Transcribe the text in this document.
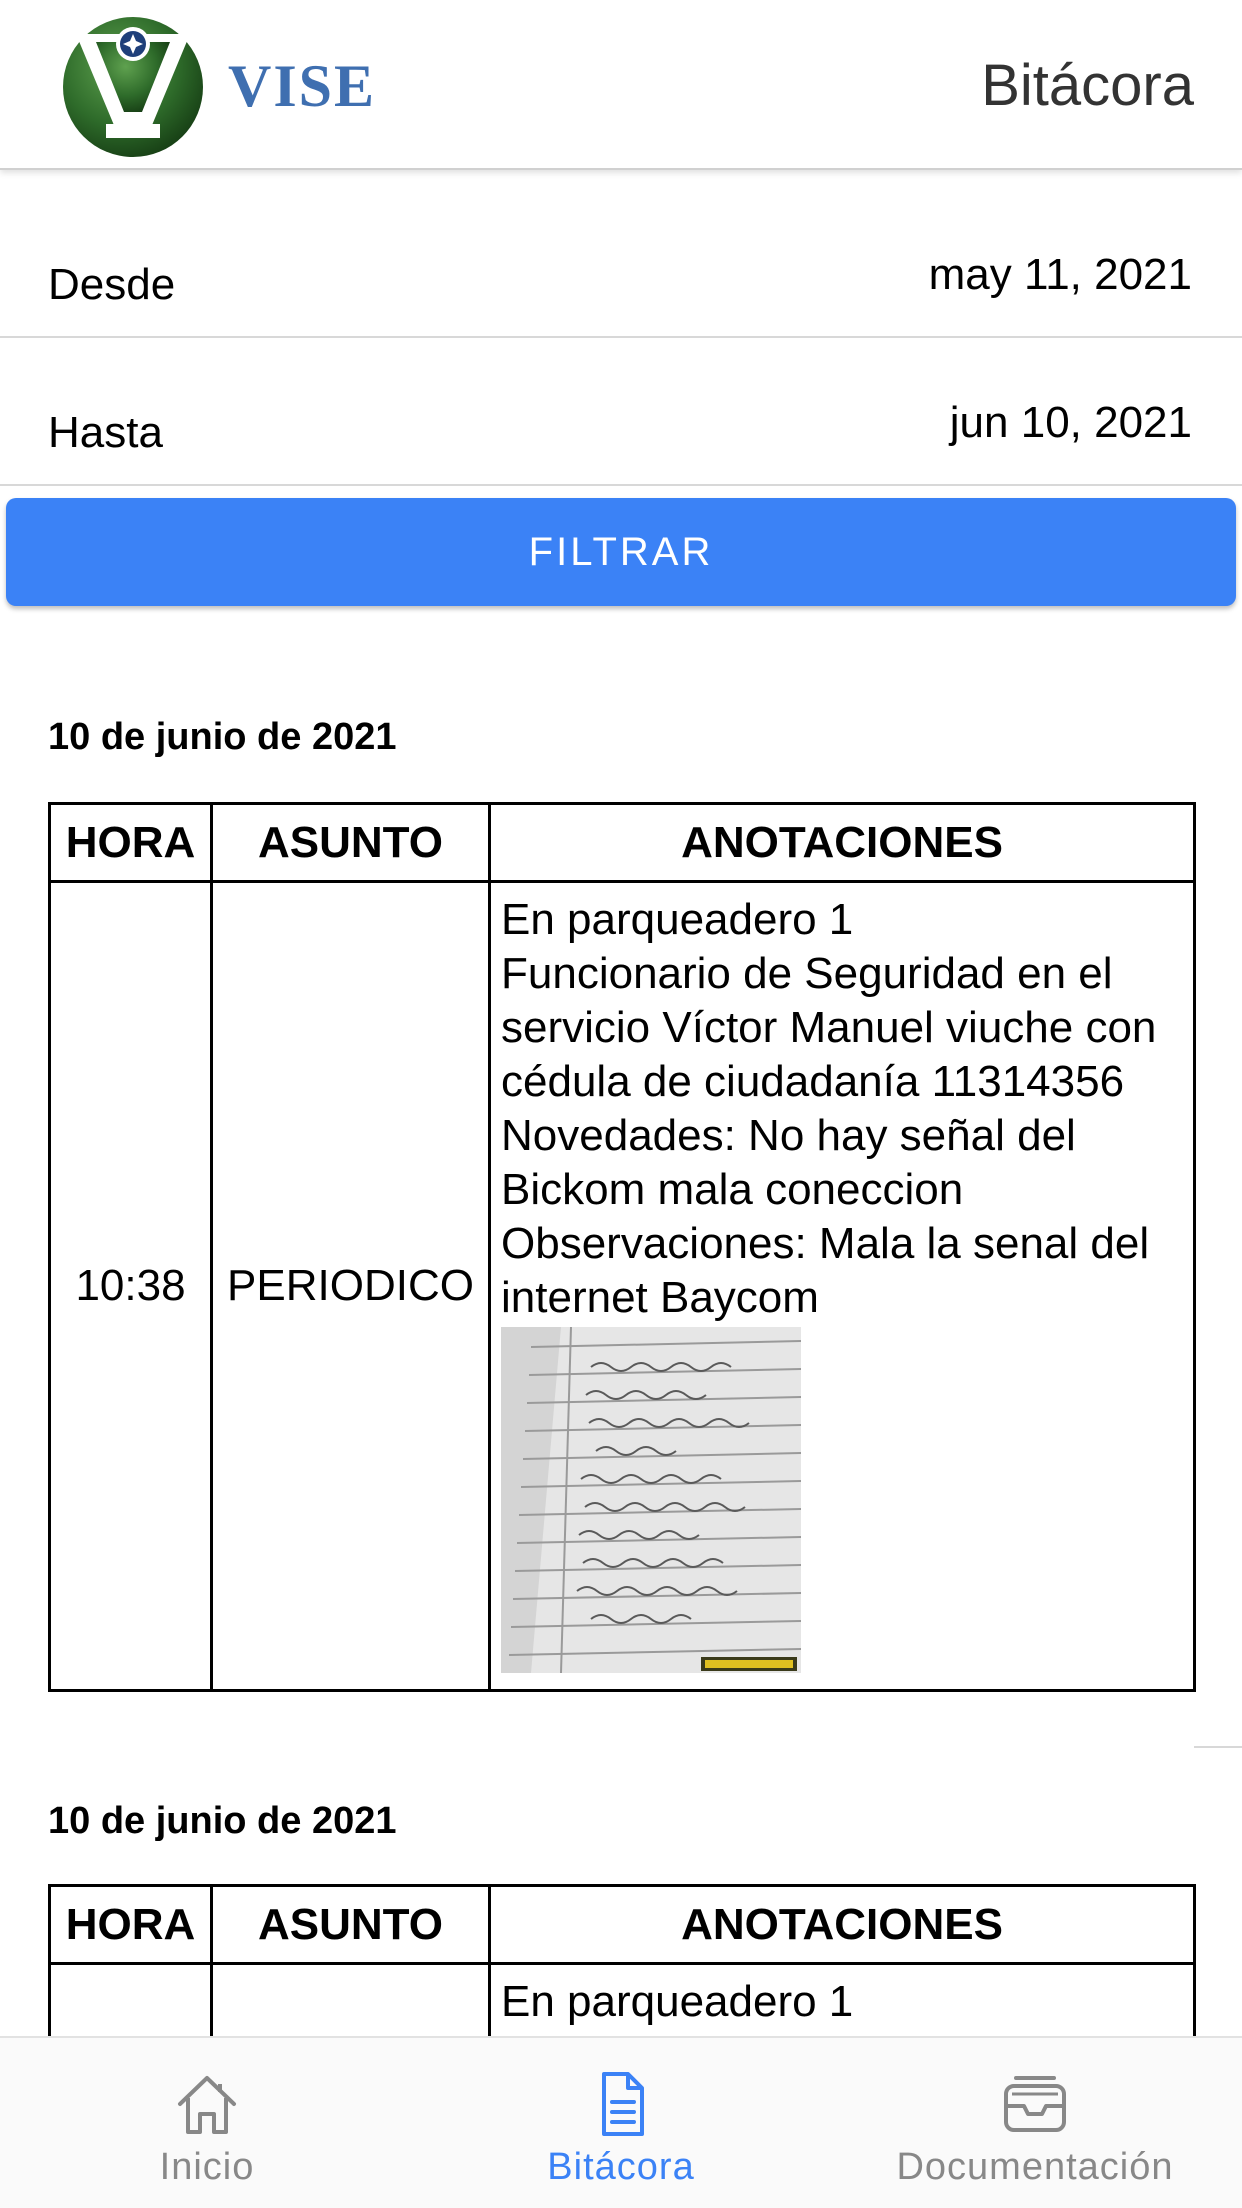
VISE	Bitácora
Desde	may 11, 2021
Hasta	jun 10, 2021
FILTRAR
10 de junio de 2021
HORA	ASUNTO	ANOTACIONES
10:38	PERIODICO	En parqueadero 1
Funcionario de Seguridad en el servicio Víctor Manuel viuche con cédula de ciudadanía 11314356
Novedades: No hay señal del Bickom mala coneccion
Observaciones: Mala la senal del internet Baycom
10 de junio de 2021
HORA	ASUNTO	ANOTACIONES

		En parqueadero 1
Inicio	Bitácora	Documentación
